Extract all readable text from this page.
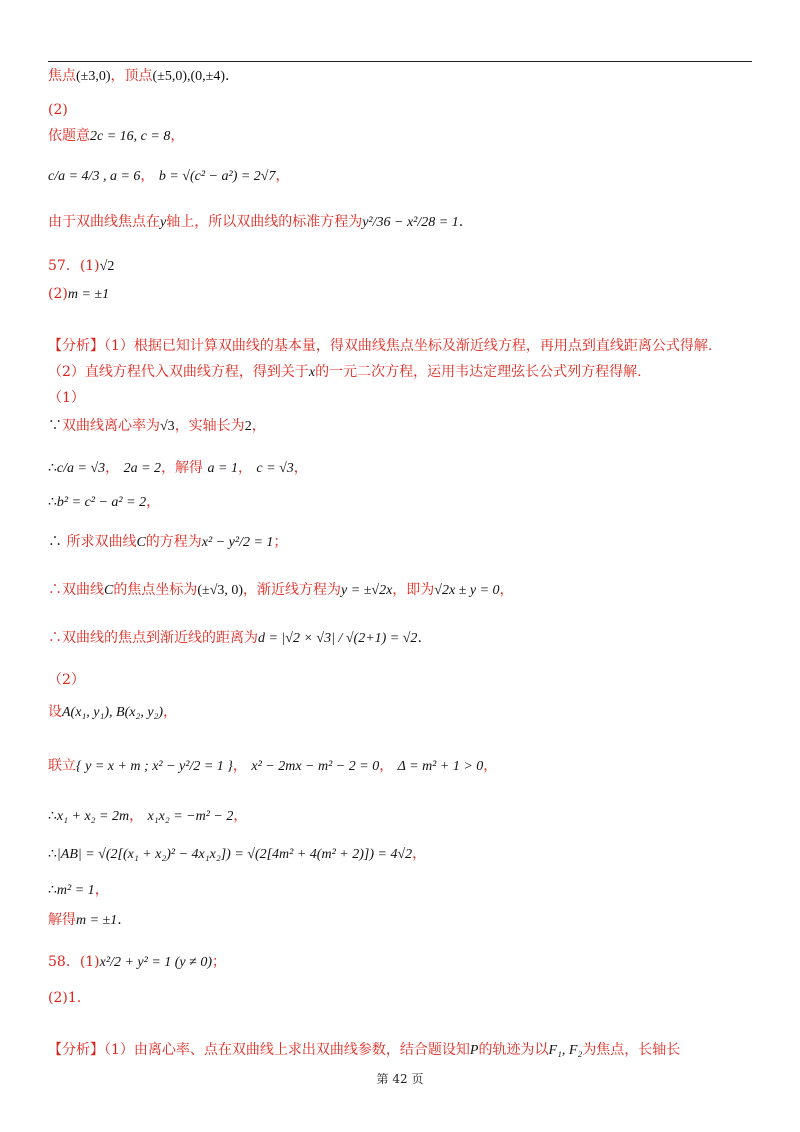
焦点(±3,0)，顶点(±5,0),(0,±4).
(2)
依题意2c = 16, c = 8，
c/a = 4/3 , a = 6， b = √(c² − a²) = 2√7，
由于双曲线焦点在y轴上，所以双曲线的标准方程为y²/36 − x²/28 = 1.
57．(1)√2
(2)m = ±1
【分析】（1）根据已知计算双曲线的基本量，得双曲线焦点坐标及渐近线方程，再用点到直线距离公式得解.
（2）直线方程代入双曲线方程，得到关于x的一元二次方程，运用韦达定理弦长公式列方程得解.
（1）
∵双曲线离心率为√3，实轴长为2，
∴c/a = √3， 2a = 2，解得 a = 1， c = √3，
∴b² = c² − a² = 2，
∴ 所求双曲线C的方程为x² − y²/2 = 1；
∴双曲线C的焦点坐标为(±√3, 0)，渐近线方程为y = ±√2x，即为√2x ± y = 0，
∴双曲线的焦点到渐近线的距离为d = |√2 × √3| / √(2+1) = √2.
（2）
设A(x₁, y₁), B(x₂, y₂)，
联立{ y = x + m ; x² − y²/2 = 1 }， x² − 2mx − m² − 2 = 0， Δ = m² + 1 > 0，
∴x₁ + x₂ = 2m， x₁x₂ = −m² − 2，
∴|AB| = √(2[(x₁ + x₂)² − 4x₁x₂]) = √(2[4m² + 4(m² + 2)]) = 4√2，
∴m² = 1，
解得m = ±1.
58．(1)x²/2 + y² = 1 (y ≠ 0)；
(2)1.
【分析】（1）由离心率、点在双曲线上求出双曲线参数，结合题设知P的轨迹为以F₁, F₂为焦点，长轴长
第 42 页
